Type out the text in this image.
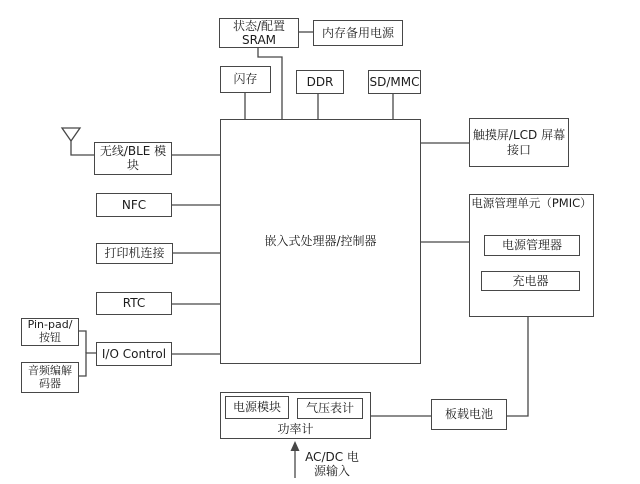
状态/配置
SRAM
内存备用电源
闪存	DDR	SD/MMC
嵌入式处理器/控制器
无线/BLE 模块
NFC
打印机连接
RTC
Pin-pad/
按钮
I/O Control
音频编解
码器
触摸屏/LCD 屏幕
接口
电源管理单元（PMIC）
电源管理器
充电器
板载电池
电源模块	气压表计
功率计
AC/DC 电
源输入
